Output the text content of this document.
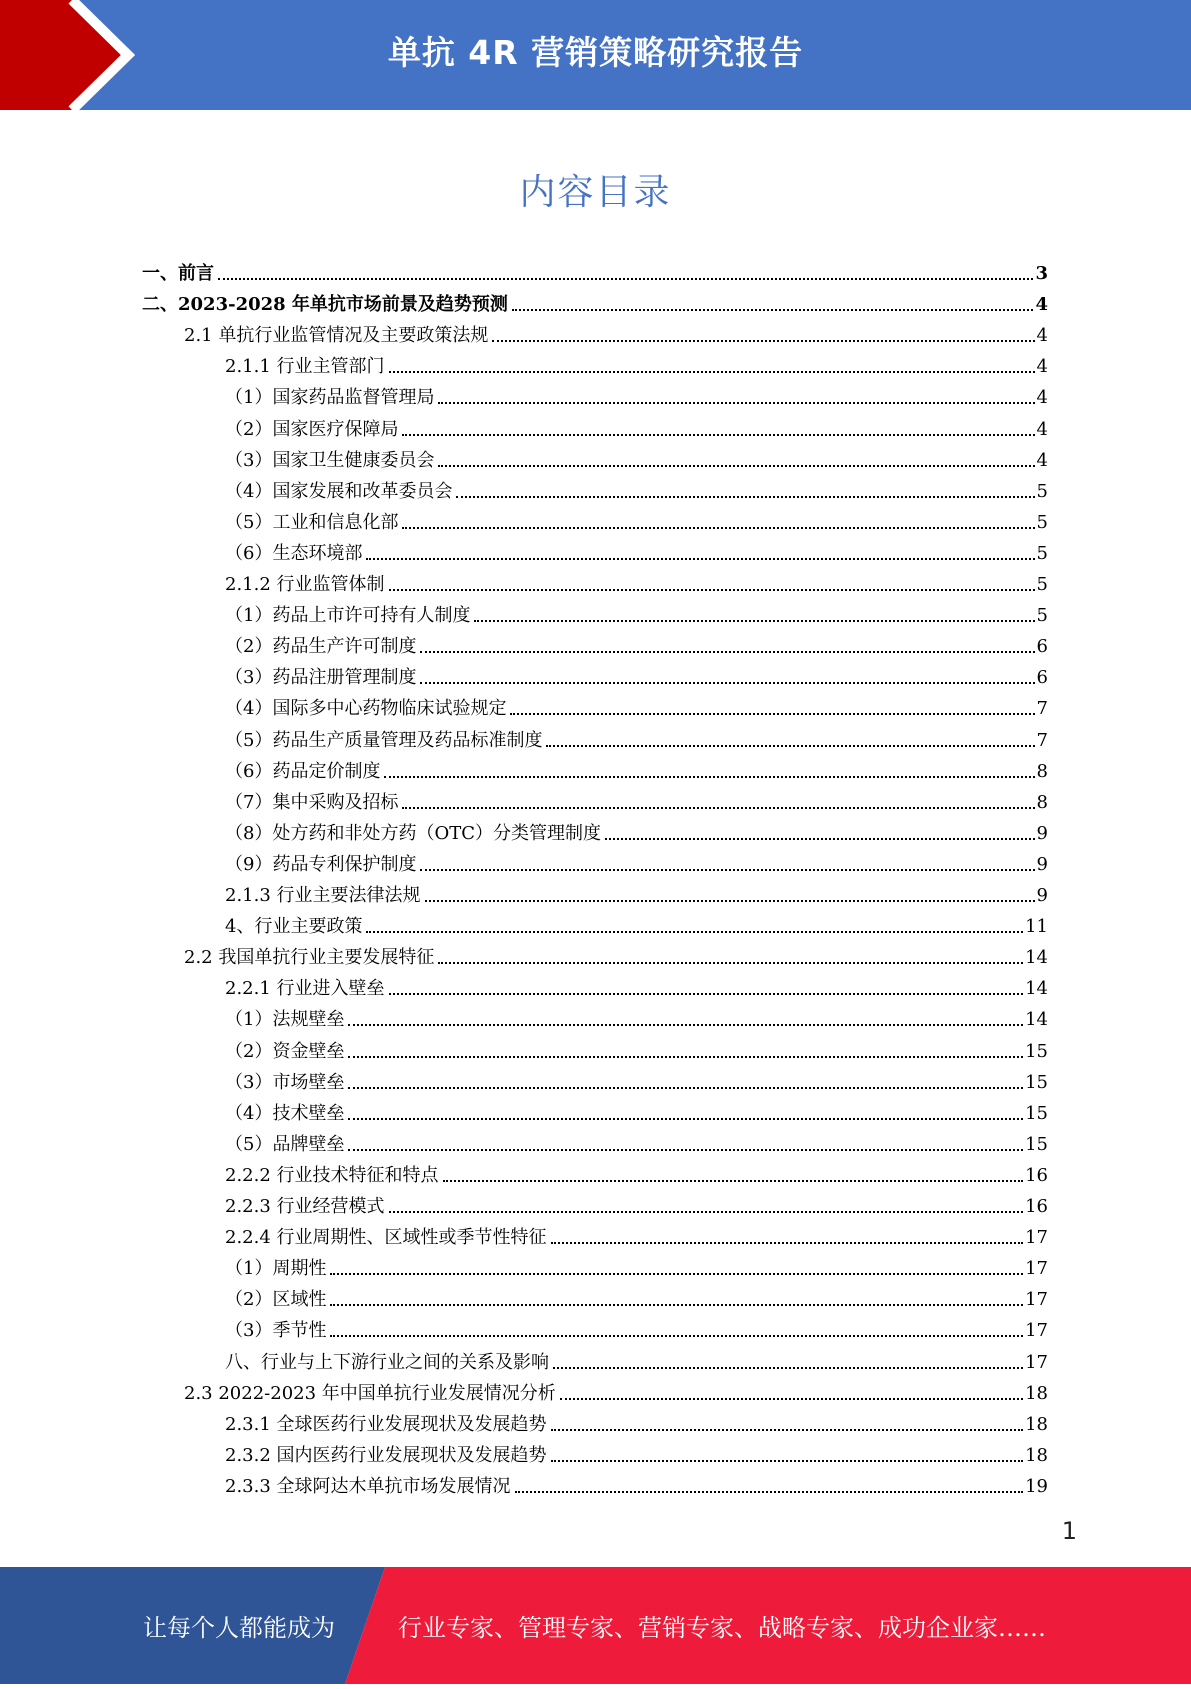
单抗 4R 营销策略研究报告
内容目录
一、前言	3
二、2023-2028 年单抗市场前景及趋势预测	4
2.1 单抗行业监管情况及主要政策法规	4
2.1.1 行业主管部门	4
（1）国家药品监督管理局	4
（2）国家医疗保障局	4
（3）国家卫生健康委员会	4
（4）国家发展和改革委员会	5
（5）工业和信息化部	5
（6）生态环境部	5
2.1.2 行业监管体制	5
（1）药品上市许可持有人制度	5
（2）药品生产许可制度	6
（3）药品注册管理制度	6
（4）国际多中心药物临床试验规定	7
（5）药品生产质量管理及药品标准制度	7
（6）药品定价制度	8
（7）集中采购及招标	8
（8）处方药和非处方药（OTC）分类管理制度	9
（9）药品专利保护制度	9
2.1.3 行业主要法律法规	9
4、行业主要政策	11
2.2 我国单抗行业主要发展特征	14
2.2.1 行业进入壁垒	14
（1）法规壁垒	14
（2）资金壁垒	15
（3）市场壁垒	15
（4）技术壁垒	15
（5）品牌壁垒	15
2.2.2 行业技术特征和特点	16
2.2.3 行业经营模式	16
2.2.4 行业周期性、区域性或季节性特征	17
（1）周期性	17
（2）区域性	17
（3）季节性	17
八、行业与上下游行业之间的关系及影响	17
2.3 2022-2023 年中国单抗行业发展情况分析	18
2.3.1 全球医药行业发展现状及发展趋势	18
2.3.2 国内医药行业发展现状及发展趋势	18
2.3.3 全球阿达木单抗市场发展情况	19
1
让每个人都能成为	行业专家、管理专家、营销专家、战略专家、成功企业家……
